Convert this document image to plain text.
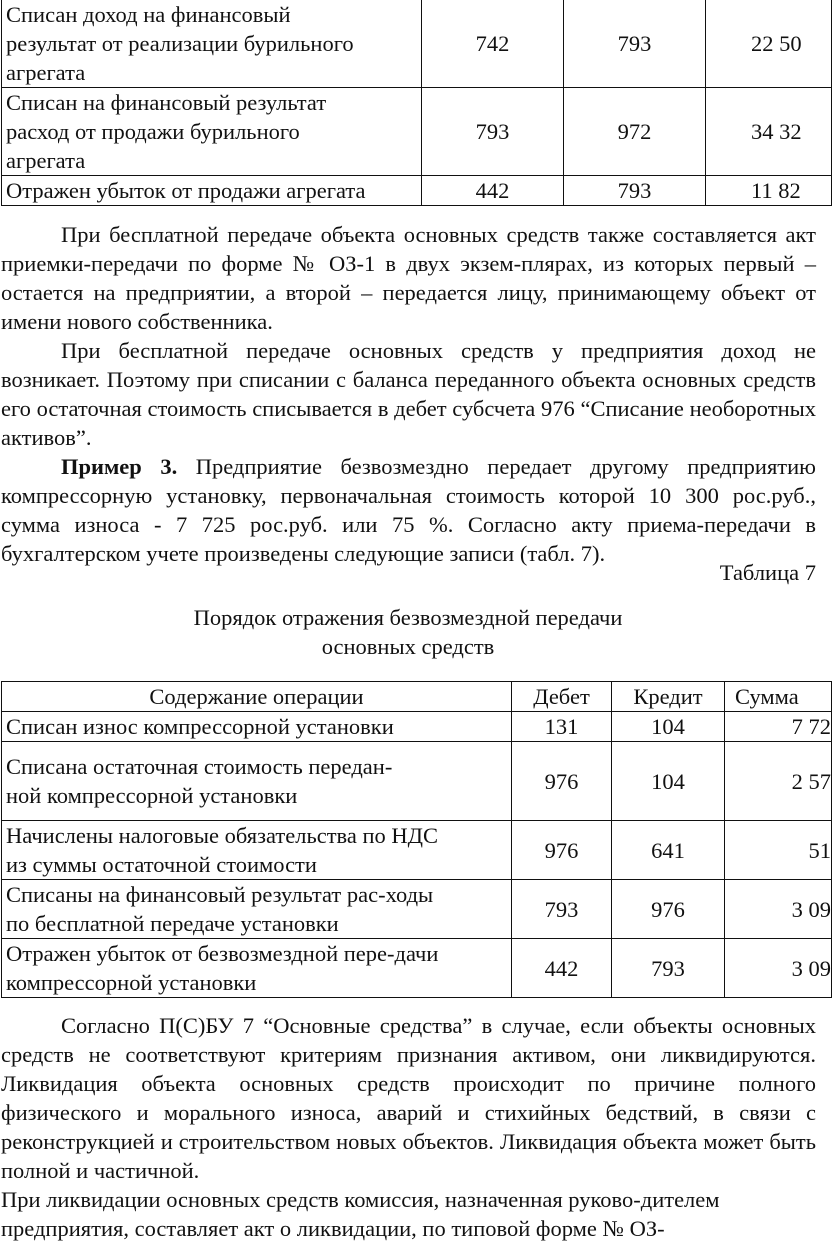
Списан доход на финансовый
результат от реализации бурильного
агрегата	742	793	22 50

Списан на финансовый результат
расход от продажи бурильного
агрегата	793	972	34 32

Отражен убыток от продажи агрегата	442	793	11 82

При бесплатной передаче объекта основных средств также составляется акт приемки-передачи по форме № ОЗ-1 в двух экзем-плярах, из которых первый – остается на предприятии, а второй – передается лицу, принимающему объект от имени нового собственника.

При бесплатной передаче основных средств у предприятия доход не возникает. Поэтому при списании с баланса переданного объекта основных средств его остаточная стоимость списывается в дебет субсчета 976 “Списание необоротных активов”.

Пример 3. Предприятие безвозмездно передает другому предприятию компрессорную установку, первоначальная стоимость которой 10 300 рос.руб., сумма износа - 7 725 рос.руб. или 75 %. Согласно акту приема-передачи в бухгалтерском учете произведены следующие записи (табл. 7).

Таблица 7
Порядок отражения безвозмездной передачи
основных средств
Содержание операции	Дебет	Кредит	Сумма
Списан износ компрессорной установки	131	104	7 72

Списана остаточная стоимость передан-
ной компрессорной установки	976	104	2 57

Начислены налоговые обязательства по НДС
из суммы остаточной стоимости	976	641	51

Списаны на финансовый результат рас-ходы
по бесплатной передаче установки	793	976	3 09

Отражен убыток от безвозмездной пере-дачи
компрессорной установки	442	793	3 09

Согласно П(С)БУ 7 “Основные средства” в случае, если объекты основных средств не соответствуют критериям признания активом, они ликвидируются. Ликвидация объекта основных средств происходит по причине полного физического и морального износа, аварий и стихийных бедствий, в связи с реконструкцией и строительством новых объектов. Ликвидация объекта может быть полной и частичной.

При ликвидации основных средств комиссия, назначенная руково-дителем
предприятия, составляет акт о ликвидации, по типовой форме № ОЗ-
